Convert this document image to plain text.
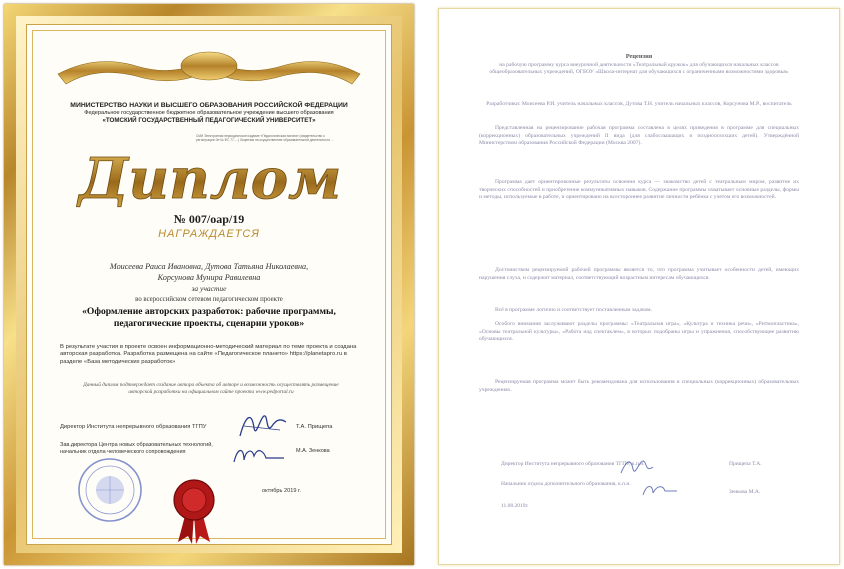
МИНИСТЕРСТВО НАУКИ И ВЫСШЕГО ОБРАЗОВАНИЯ РОССИЙСКОЙ ФЕДЕРАЦИИ
Федеральное государственное бюджетное образовательное учреждение высшего образования
«ТОМСКИЙ ГОСУДАРСТВЕННЫЙ ПЕДАГОГИЧЕСКИЙ УНИВЕРСИТЕТ»
СМИ Электронная периодическое издание «Педагогическая палата» (свидетельство о регистрации Эл № ФС 77-…) Лицензия на осуществление образовательной деятельности …
Диплом
№ 007/оар/19
НАГРАЖДАЕТСЯ
Моисеева Раиса Ивановна, Дутова Татьяна Николаевна,
Корсунова Мунира Равилевна
за участие
во всероссийском сетевом педагогическом проекте
«Оформление авторских разработок: рабочие программы,
педагогические проекты, сценарии уроков»
В результате участия в проекте освоен информационно-методический материал по теме проекта и создана авторская разработка. Разработка размещена на сайте «Педагогическое плането» https://planetapro.ru в разделе «База методических разработок»
Данный диплом подтверждает создание автора объекта об авторе и возможность осуществлять размещение авторской разработки на официальном сайте проекта www.pedportal.ru
Директор Института непрерывного образования ТГПУ	Т.А. Прищепа
Зав.директора Центра новых образовательных технологий, начальник отдела человеческого сопровождения	М.А. Зенкова
октябрь 2019 г.
Рецензия
на рабочую программу курса внеурочной деятельности «Театральный кружок» для обучающихся начальных классов общеобразовательных учреждений, ОГБОУ «Школа-интернат для обучающихся с ограниченными возможностями здоровья»
Разработчики: Моисеева Р.И. учитель начальных классов, Дутова Т.Н. учитель начальных классов, Корсунова М.Р., воспитатель
Представленная на рецензирование рабочая программа составлена в целях приведения в программе для специальных (коррекционных) образовательных учреждений II вида (для слабослышащих и позднооглохших детей). Утверждённой Министерством образования Российской Федерации (Москва 2007).
Программа дает ориентировочные результаты освоения курса — знакомство детей с театральным миром, развитие их творческих способностей и приобретение коммуникативных навыков. Содержание программы охватывает основные разделы, формы и методы, используемые в работе, и ориентировано на всестороннее развитие личности ребёнка с учетом его возможностей.
Достоинством рецензируемой рабочей программы является то, что программа учитывает особенности детей, имеющих нарушения слуха, и содержит материал, соответствующий возрастным интересам обучающихся.
Всё в программе логично и соответствует поставленным задачам.
Особого внимания заслуживают разделы программы: «Театральная игра», «Культура и техника речи», «Ритмопластика», «Основы театральной культуры», «Работа над спектаклем», в которых подобраны игры и упражнения, способствующие развитию обучающихся.
Рецензируемая программа может быть рекомендована для использования в специальных (коррекционных) образовательных учреждениях.
Директор Института непрерывного образования ТГПУ, к.п.н.	Прищепа Т.А.
Начальник отдела дополнительного образования, к.п.н.
Зенкова М.А.
11.08.2019г.
